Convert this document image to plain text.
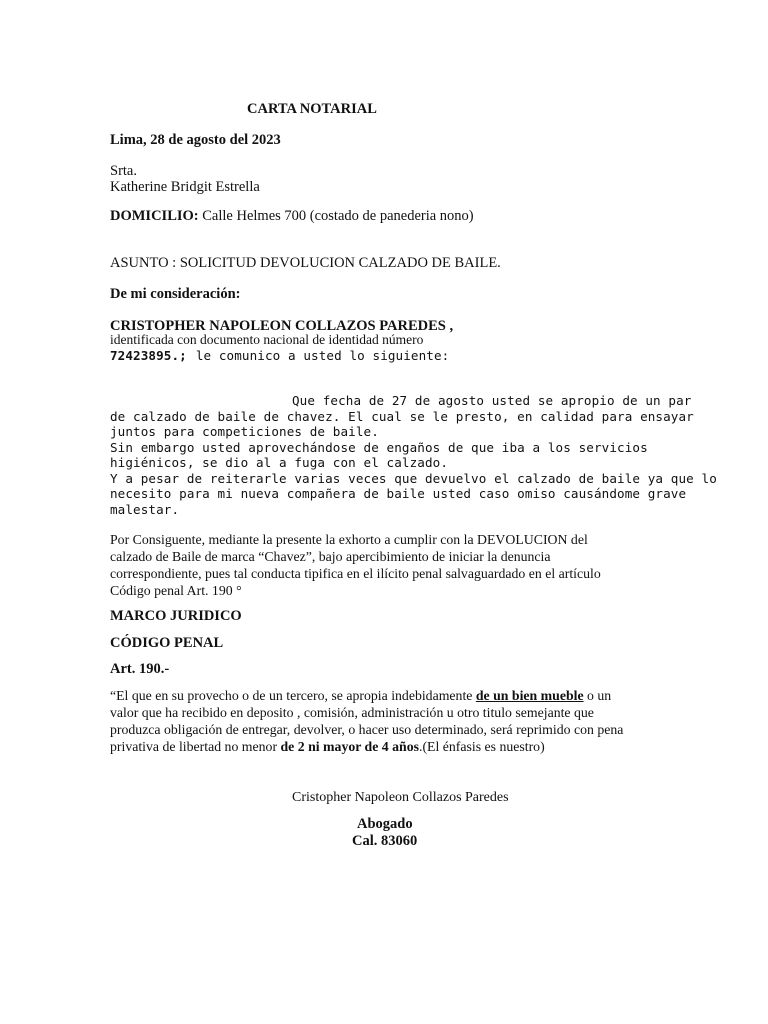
CARTA NOTARIAL
Lima, 28 de agosto del 2023
Srta.
Katherine Bridgit Estrella
DOMICILIO: Calle Helmes 700 (costado de panederia nono)
ASUNTO : SOLICITUD DEVOLUCION CALZADO DE BAILE.
De mi consideración:
CRISTOPHER NAPOLEON COLLAZOS PAREDES ,
identificada con documento nacional de identidad número
72423895.; le comunico a usted lo siguiente:
Que fecha de 27 de agosto usted se apropio de un par
de calzado de baile de chavez. El cual se le presto, en calidad para ensayar
juntos para competiciones de baile.
Sin embargo usted aprovechándose de engaños de que iba a los servicios
higiénicos, se dio al a fuga con el calzado.
Y a pesar de reiterarle varias veces que devuelvo el calzado de baile ya que lo
necesito para mi nueva compañera de baile usted caso omiso causándome grave
malestar.
Por Consiguente, mediante la presente la exhorto a cumplir con la DEVOLUCION del
calzado de Baile de marca “Chavez”, bajo apercibimiento de iniciar la denuncia
correspondiente, pues tal conducta tipifica en el ilícito penal salvaguardado en el artículo
Código penal Art. 190 °
MARCO JURIDICO
CÓDIGO PENAL
Art. 190.-
“El que en su provecho o de un tercero, se apropia indebidamente de un bien mueble o un
valor que ha recibido en deposito , comisión, administración u otro titulo semejante que
produzca obligación de entregar, devolver, o hacer uso determinado, será reprimido con pena
privativa de libertad no menor de 2 ni mayor de 4 años.(El énfasis es nuestro)
Cristopher Napoleon Collazos Paredes
Abogado
Cal. 83060
